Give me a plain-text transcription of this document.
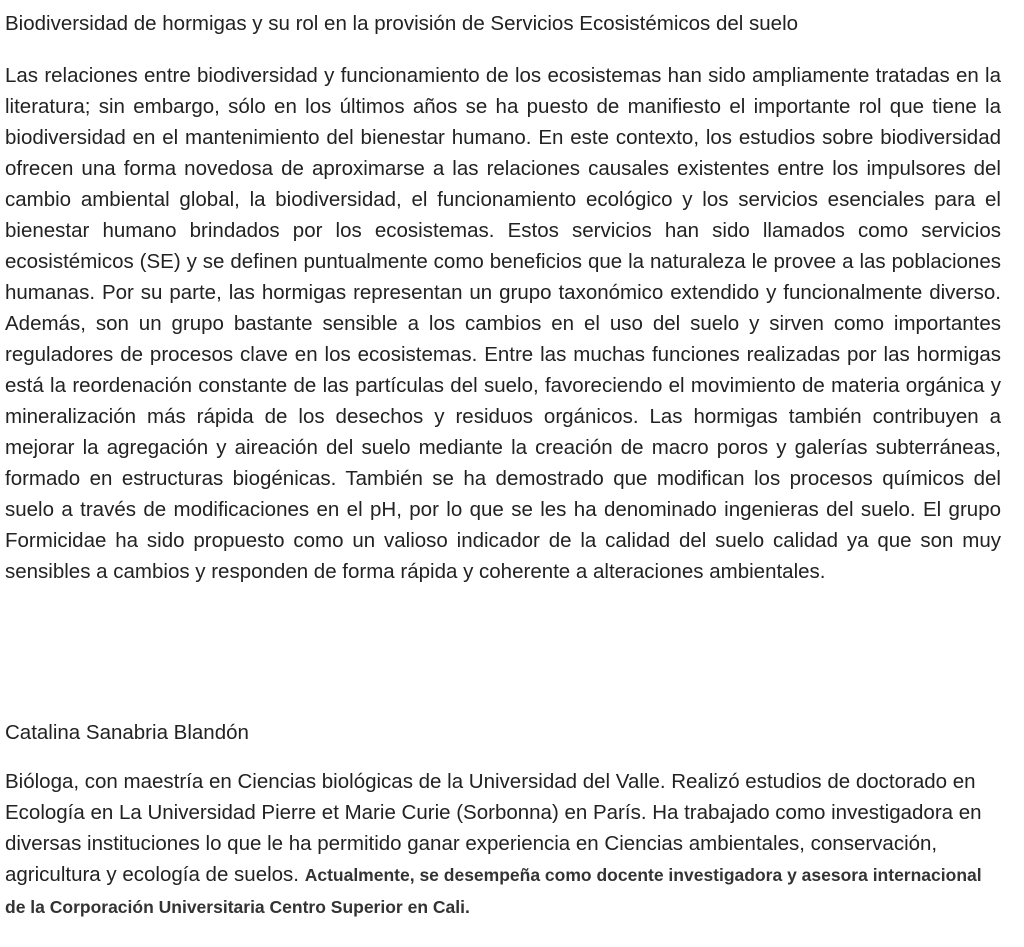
Biodiversidad de hormigas y su rol en la provisión de Servicios Ecosistémicos del suelo

Las relaciones entre biodiversidad y funcionamiento de los ecosistemas han sido ampliamente tratadas en la literatura; sin embargo, sólo en los últimos años se ha puesto de manifiesto el importante rol que tiene la biodiversidad en el mantenimiento del bienestar humano. En este contexto, los estudios sobre biodiversidad ofrecen una forma novedosa de aproximarse a las relaciones causales existentes entre los impulsores del cambio ambiental global, la biodiversidad, el funcionamiento ecológico y los servicios esenciales para el bienestar humano brindados por los ecosistemas. Estos servicios han sido llamados como servicios ecosistémicos (SE) y se definen puntualmente como beneficios que la naturaleza le provee a las poblaciones humanas. Por su parte, las hormigas representan un grupo taxonómico extendido y funcionalmente diverso. Además, son un grupo bastante sensible a los cambios en el uso del suelo y sirven como importantes reguladores de procesos clave en los ecosistemas. Entre las muchas funciones realizadas por las hormigas está la reordenación constante de las partículas del suelo, favoreciendo el movimiento de materia orgánica y mineralización más rápida de los desechos y residuos orgánicos. Las hormigas también contribuyen a mejorar la agregación y aireación del suelo mediante la creación de macro poros y galerías subterráneas, formado en estructuras biogénicas. También se ha demostrado que modifican los procesos químicos del suelo a través de modificaciones en el pH, por lo que se les ha denominado ingenieras del suelo. El grupo Formicidae ha sido propuesto como un valioso indicador de la calidad del suelo calidad ya que son muy sensibles a cambios y responden de forma rápida y coherente a alteraciones ambientales.

Catalina Sanabria Blandón

Bióloga, con maestría en Ciencias biológicas de la Universidad del Valle. Realizó estudios de doctorado en Ecología en La Universidad Pierre et Marie Curie (Sorbonna) en París. Ha trabajado como investigadora en diversas instituciones lo que le ha permitido ganar experiencia en Ciencias ambientales, conservación, agricultura y ecología de suelos. Actualmente, se desempeña como docente investigadora y asesora internacional de la Corporación Universitaria Centro Superior en Cali.
